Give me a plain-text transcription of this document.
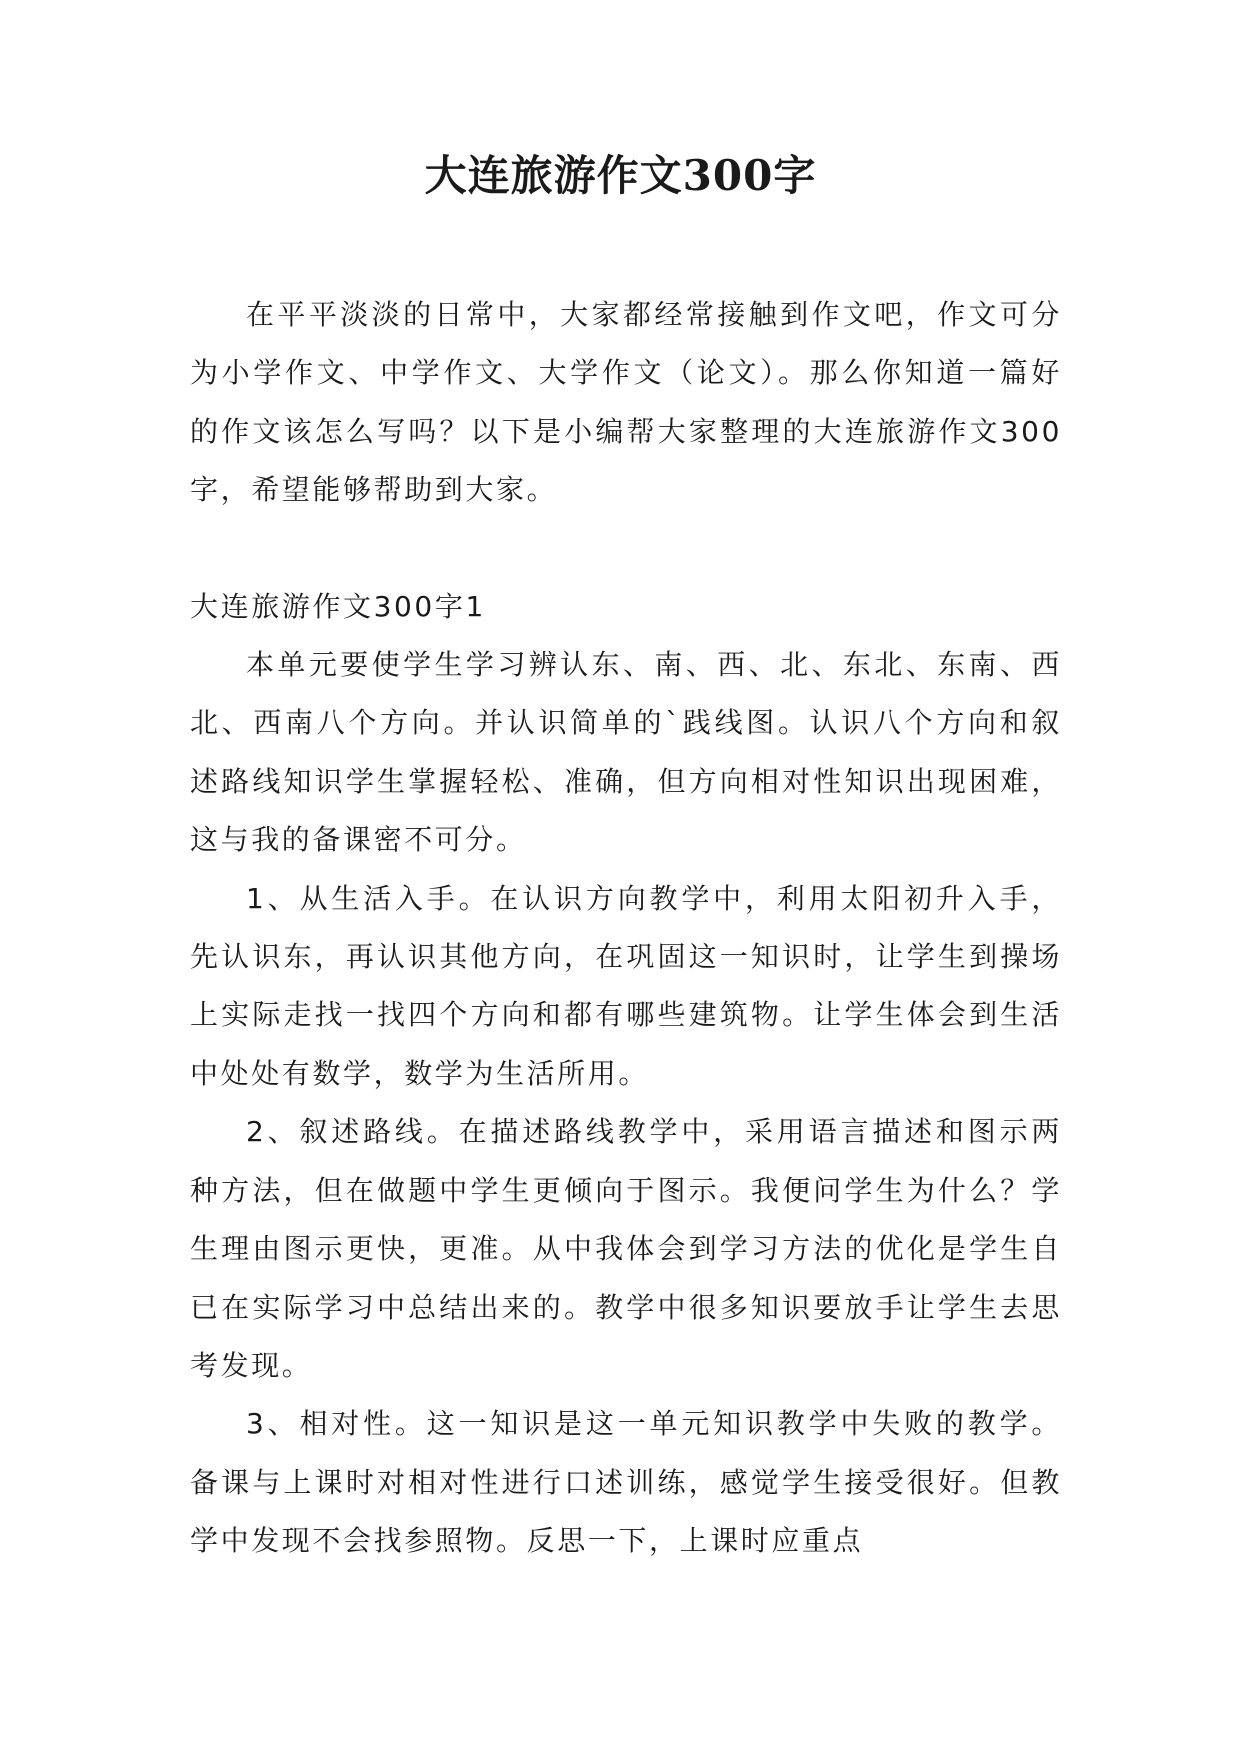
大连旅游作文300字

在平平淡淡的日常中，大家都经常接触到作文吧，作文可分为小学作文、中学作文、大学作文（论文）。那么你知道一篇好的作文该怎么写吗？以下是小编帮大家整理的大连旅游作文300字，希望能够帮助到大家。

大连旅游作文300字1

本单元要使学生学习辨认东、南、西、北、东北、东南、西北、西南八个方向。并认识简单的`践线图。认识八个方向和叙述路线知识学生掌握轻松、准确，但方向相对性知识出现困难，这与我的备课密不可分。

1、从生活入手。在认识方向教学中，利用太阳初升入手，先认识东，再认识其他方向，在巩固这一知识时，让学生到操场上实际走找一找四个方向和都有哪些建筑物。让学生体会到生活中处处有数学，数学为生活所用。

2、叙述路线。在描述路线教学中，采用语言描述和图示两种方法，但在做题中学生更倾向于图示。我便问学生为什么？学生理由图示更快，更准。从中我体会到学习方法的优化是学生自已在实际学习中总结出来的。教学中很多知识要放手让学生去思考发现。

3、相对性。这一知识是这一单元知识教学中失败的教学。备课与上课时对相对性进行口述训练，感觉学生接受很好。但教学中发现不会找参照物。反思一下，上课时应重点
